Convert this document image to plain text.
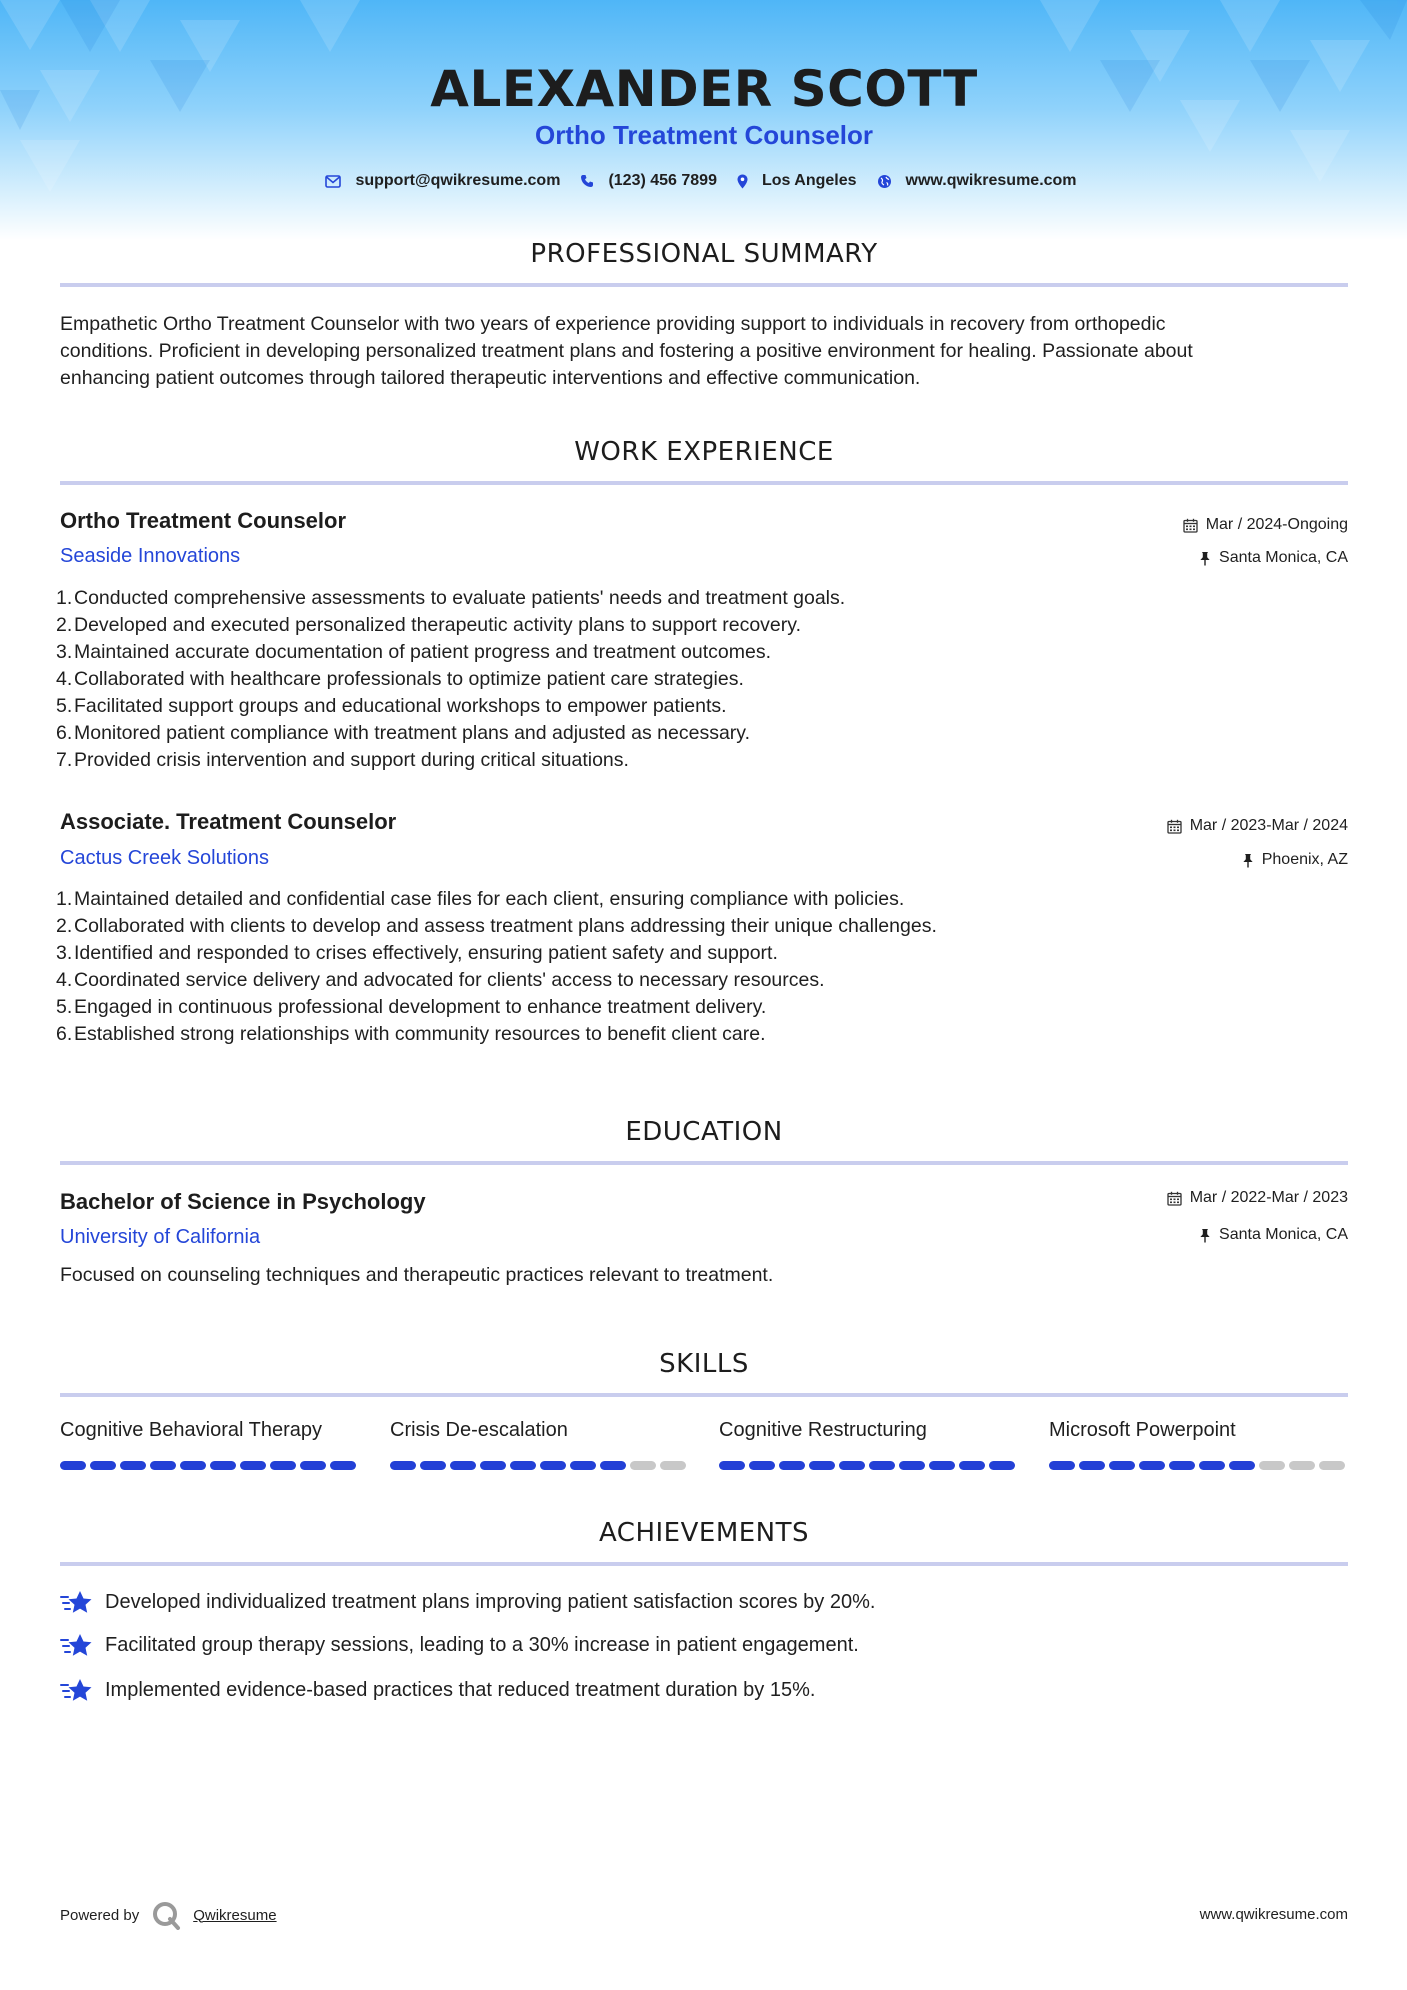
ALEXANDER SCOTT
Ortho Treatment Counselor
support@qwikresume.com	(123) 456 7899	Los Angeles	www.qwikresume.com
PROFESSIONAL SUMMARY
Empathetic Ortho Treatment Counselor with two years of experience providing support to individuals in recovery from orthopedic
conditions. Proficient in developing personalized treatment plans and fostering a positive environment for healing. Passionate about
enhancing patient outcomes through tailored therapeutic interventions and effective communication.
WORK EXPERIENCE
Ortho Treatment Counselor	Mar / 2024-Ongoing
Seaside Innovations	Santa Monica, CA
1. Conducted comprehensive assessments to evaluate patients' needs and treatment goals.
2. Developed and executed personalized therapeutic activity plans to support recovery.
3. Maintained accurate documentation of patient progress and treatment outcomes.
4. Collaborated with healthcare professionals to optimize patient care strategies.
5. Facilitated support groups and educational workshops to empower patients.
6. Monitored patient compliance with treatment plans and adjusted as necessary.
7. Provided crisis intervention and support during critical situations.
Associate. Treatment Counselor	Mar / 2023-Mar / 2024
Cactus Creek Solutions	Phoenix, AZ
1. Maintained detailed and confidential case files for each client, ensuring compliance with policies.
2. Collaborated with clients to develop and assess treatment plans addressing their unique challenges.
3. Identified and responded to crises effectively, ensuring patient safety and support.
4. Coordinated service delivery and advocated for clients' access to necessary resources.
5. Engaged in continuous professional development to enhance treatment delivery.
6. Established strong relationships with community resources to benefit client care.
EDUCATION
Bachelor of Science in Psychology	Mar / 2022-Mar / 2023
University of California	Santa Monica, CA
Focused on counseling techniques and therapeutic practices relevant to treatment.
SKILLS
Cognitive Behavioral Therapy	Crisis De-escalation	Cognitive Restructuring	Microsoft Powerpoint
ACHIEVEMENTS
Developed individualized treatment plans improving patient satisfaction scores by 20%.
Facilitated group therapy sessions, leading to a 30% increase in patient engagement.
Implemented evidence-based practices that reduced treatment duration by 15%.
Powered by	Qwikresume	www.qwikresume.com
